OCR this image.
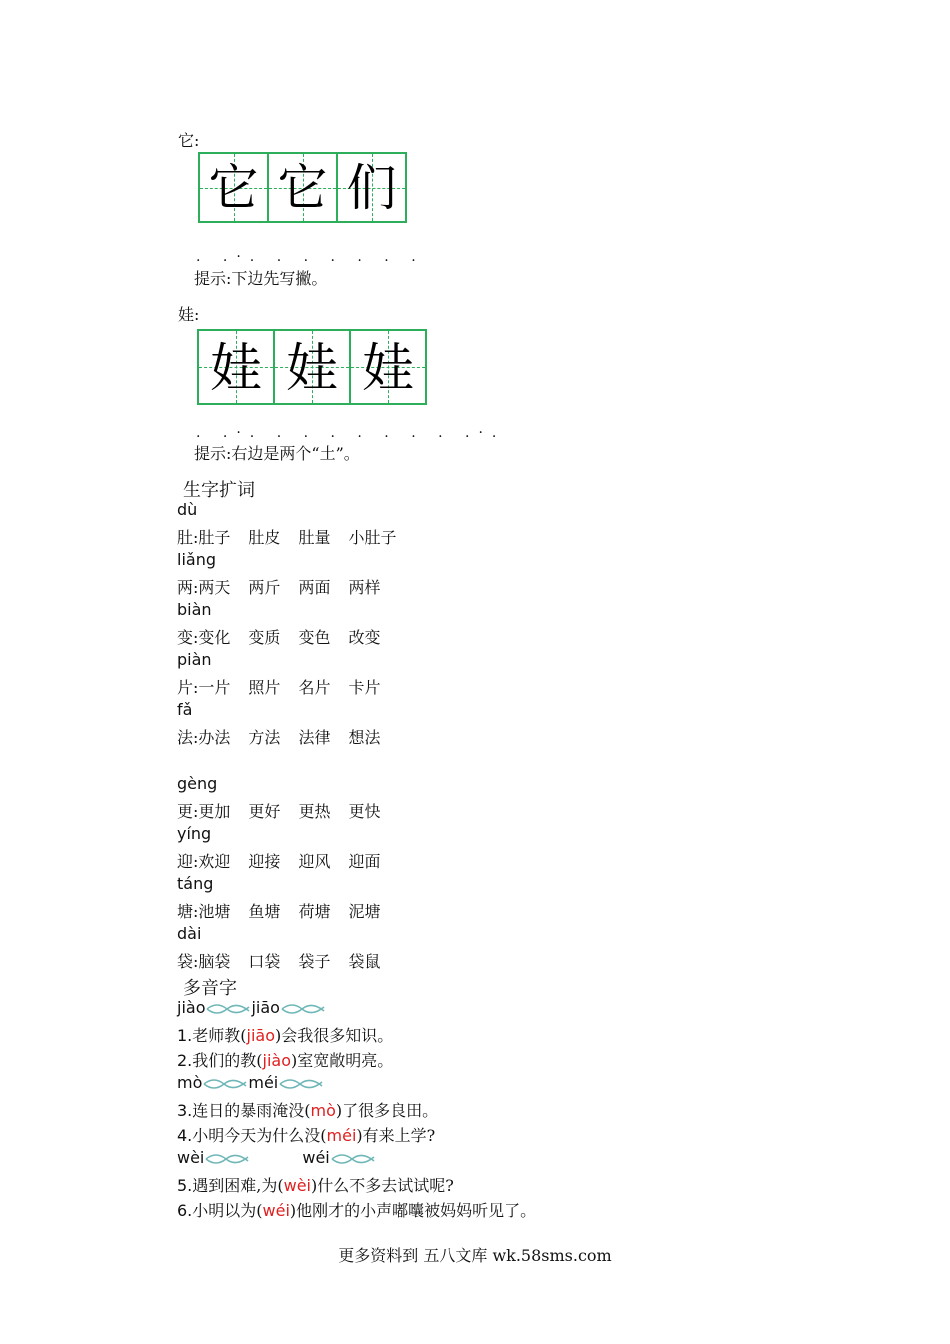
它:
它 它 们
. .·. . . . . . .
提示:下边先写撇。
娃:
娃 娃 娃
. .·. . . . . . . . .·.
提示:右边是两个“土”。
生字扩词
dù
肚:肚子 肚皮 肚量 小肚子
liǎng
两:两天 两斤 两面 两样
biàn
变:变化 变质 变色 改变
piàn
片:一片 照片 名片 卡片
fǎ
法:办法 方法 法律 想法
gèng
更:更加 更好 更热 更快
yíng
迎:欢迎 迎接 迎风 迎面
táng
塘:池塘 鱼塘 荷塘 泥塘
dài
袋:脑袋 口袋 袋子 袋鼠
多音字
jiào	jiāo
1.老师教(jiāo)会我很多知识。
2.我们的教(jiào)室宽敞明亮。
mò	méi
3.连日的暴雨淹没(mò)了很多良田。
4.小明今天为什么没(méi)有来上学?
wèi	wéi
5.遇到困难,为(wèi)什么不多去试试呢?
6.小明以为(wéi)他刚才的小声嘟囔被妈妈听见了。
更多资料到 五八文库 wk.58sms.com
